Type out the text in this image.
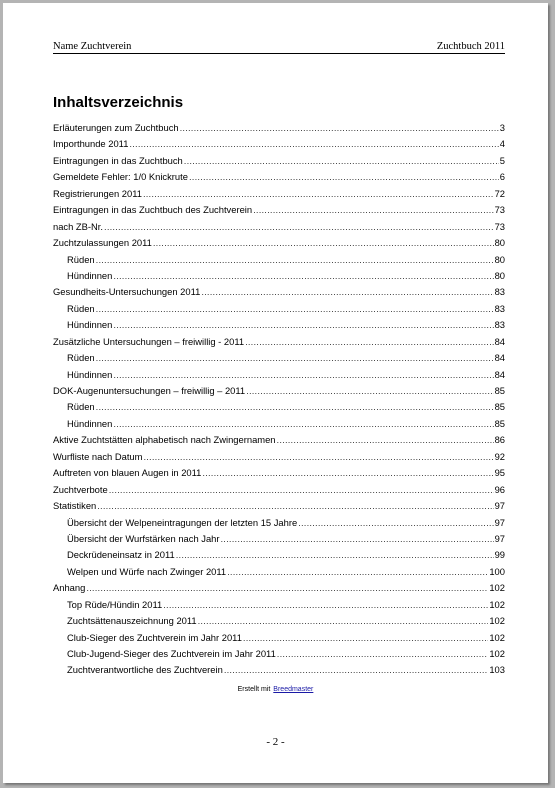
Name Zuchtverein	Zuchtbuch 2011
Inhaltsverzeichnis
Erläuterungen zum Zuchtbuch .....	3
Importhunde 2011 .....	4
Eintragungen in das Zuchtbuch .....	5
Gemeldete Fehler: 1/0 Knickrute .....	6
Registrierungen 2011 .....	72
Eintragungen in das Zuchtbuch des Zuchtverein .....	73
nach ZB-Nr. .....	73
Zuchtzulassungen 2011 .....	80
Rüden .....	80
Hündinnen .....	80
Gesundheits-Untersuchungen 2011 .....	83
Rüden .....	83
Hündinnen .....	83
Zusätzliche Untersuchungen – freiwillig - 2011 .....	84
Rüden .....	84
Hündinnen .....	84
DOK-Augenuntersuchungen – freiwillig – 2011 .....	85
Rüden .....	85
Hündinnen .....	85
Aktive Zuchtstätten alphabetisch nach Zwingernamen .....	86
Wurfliste nach Datum .....	92
Auftreten von blauen Augen in 2011 .....	95
Zuchtverbote .....	96
Statistiken .....	97
Übersicht der Welpeneintragungen der letzten 15 Jahre .....	97
Übersicht der Wurfstärken nach Jahr .....	97
Deckrüdeneinsatz in 2011 .....	99
Welpen und Würfe nach Zwinger 2011 .....	100
Anhang .....	102
Top Rüde/Hündin 2011 .....	102
Zuchtsättenauszeichnung 2011 .....	102
Club-Sieger des Zuchtverein im Jahr 2011 .....	102
Club-Jugend-Sieger des Zuchtverein im Jahr 2011 .....	102
Zuchtverantwortliche des Zuchtverein .....	103
Erstellt mit Breedmaster
- 2 -
